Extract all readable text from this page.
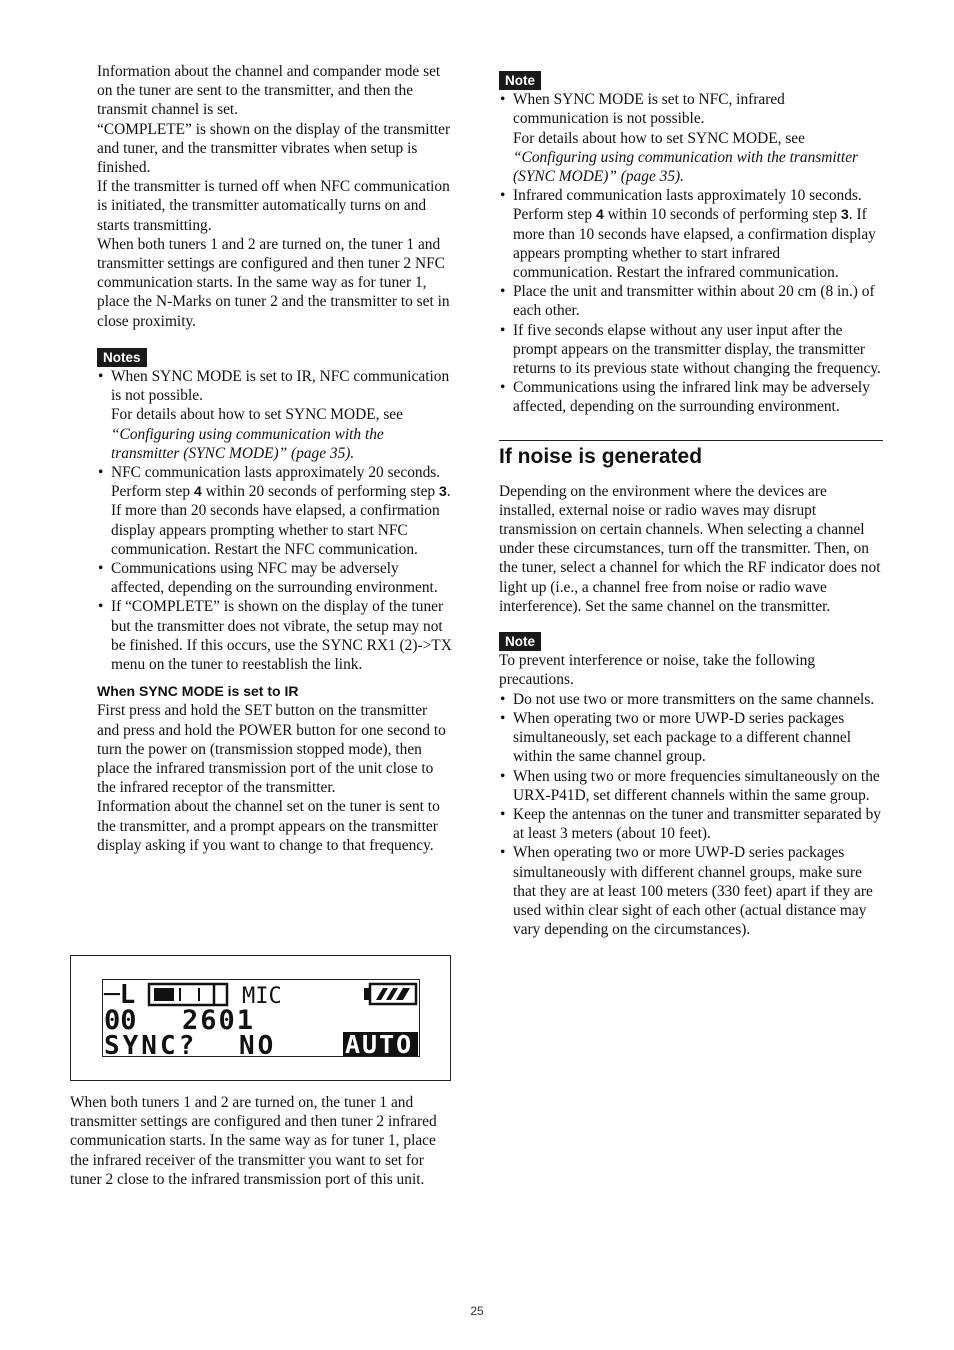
Information about the channel and compander mode set on the tuner are sent to the transmitter, and then the transmit channel is set.

“COMPLETE” is shown on the display of the transmitter and tuner, and the transmitter vibrates when setup is finished.

If the transmitter is turned off when NFC communication is initiated, the transmitter automatically turns on and starts transmitting.

When both tuners 1 and 2 are turned on, the tuner 1 and transmitter settings are configured and then tuner 2 NFC communication starts. In the same way as for tuner 1, place the N-Marks on tuner 2 and the transmitter to set in close proximity.

Notes
• When SYNC MODE is set to IR, NFC communication is not possible.
For details about how to set SYNC MODE, see “Configuring using communication with the transmitter (SYNC MODE)” (page 35).
• NFC communication lasts approximately 20 seconds. Perform step 4 within 20 seconds of performing step 3. If more than 20 seconds have elapsed, a confirmation display appears prompting whether to start NFC communication. Restart the NFC communication.
• Communications using NFC may be adversely affected, depending on the surrounding environment.
• If “COMPLETE” is shown on the display of the tuner but the transmitter does not vibrate, the setup may not be finished. If this occurs, use the SYNC RX1 (2)->TX menu on the tuner to reestablish the link.
When SYNC MODE is set to IR

First press and hold the SET button on the transmitter and press and hold the POWER button for one second to turn the power on (transmission stopped mode), then place the infrared transmission port of the unit close to the infrared receptor of the transmitter.

Information about the channel set on the tuner is sent to the transmitter, and a prompt appears on the transmitter display asking if you want to change to that frequency.

─L	MIC
00 2601
SYNC? NO	AUTO

When both tuners 1 and 2 are turned on, the tuner 1 and transmitter settings are configured and then tuner 2 infrared communication starts. In the same way as for tuner 1, place the infrared receiver of the transmitter you want to set for tuner 2 close to the infrared transmission port of this unit.

Note
• When SYNC MODE is set to NFC, infrared communication is not possible.
For details about how to set SYNC MODE, see “Configuring using communication with the transmitter (SYNC MODE)” (page 35).
• Infrared communication lasts approximately 10 seconds. Perform step 4 within 10 seconds of performing step 3. If more than 10 seconds have elapsed, a confirmation display appears prompting whether to start infrared communication. Restart the infrared communication.
• Place the unit and transmitter within about 20 cm (8 in.) of each other.
• If five seconds elapse without any user input after the prompt appears on the transmitter display, the transmitter returns to its previous state without changing the frequency.
• Communications using the infrared link may be adversely affected, depending on the surrounding environment.
If noise is generated

Depending on the environment where the devices are installed, external noise or radio waves may disrupt transmission on certain channels. When selecting a channel under these circumstances, turn off the transmitter. Then, on the tuner, select a channel for which the RF indicator does not light up (i.e., a channel free from noise or radio wave interference). Set the same channel on the transmitter.

Note

To prevent interference or noise, take the following precautions.

• Do not use two or more transmitters on the same channels.
• When operating two or more UWP-D series packages simultaneously, set each package to a different channel within the same channel group.
• When using two or more frequencies simultaneously on the URX-P41D, set different channels within the same group.
• Keep the antennas on the tuner and transmitter separated by at least 3 meters (about 10 feet).
• When operating two or more UWP-D series packages simultaneously with different channel groups, make sure that they are at least 100 meters (330 feet) apart if they are used within clear sight of each other (actual distance may vary depending on the circumstances).
25
